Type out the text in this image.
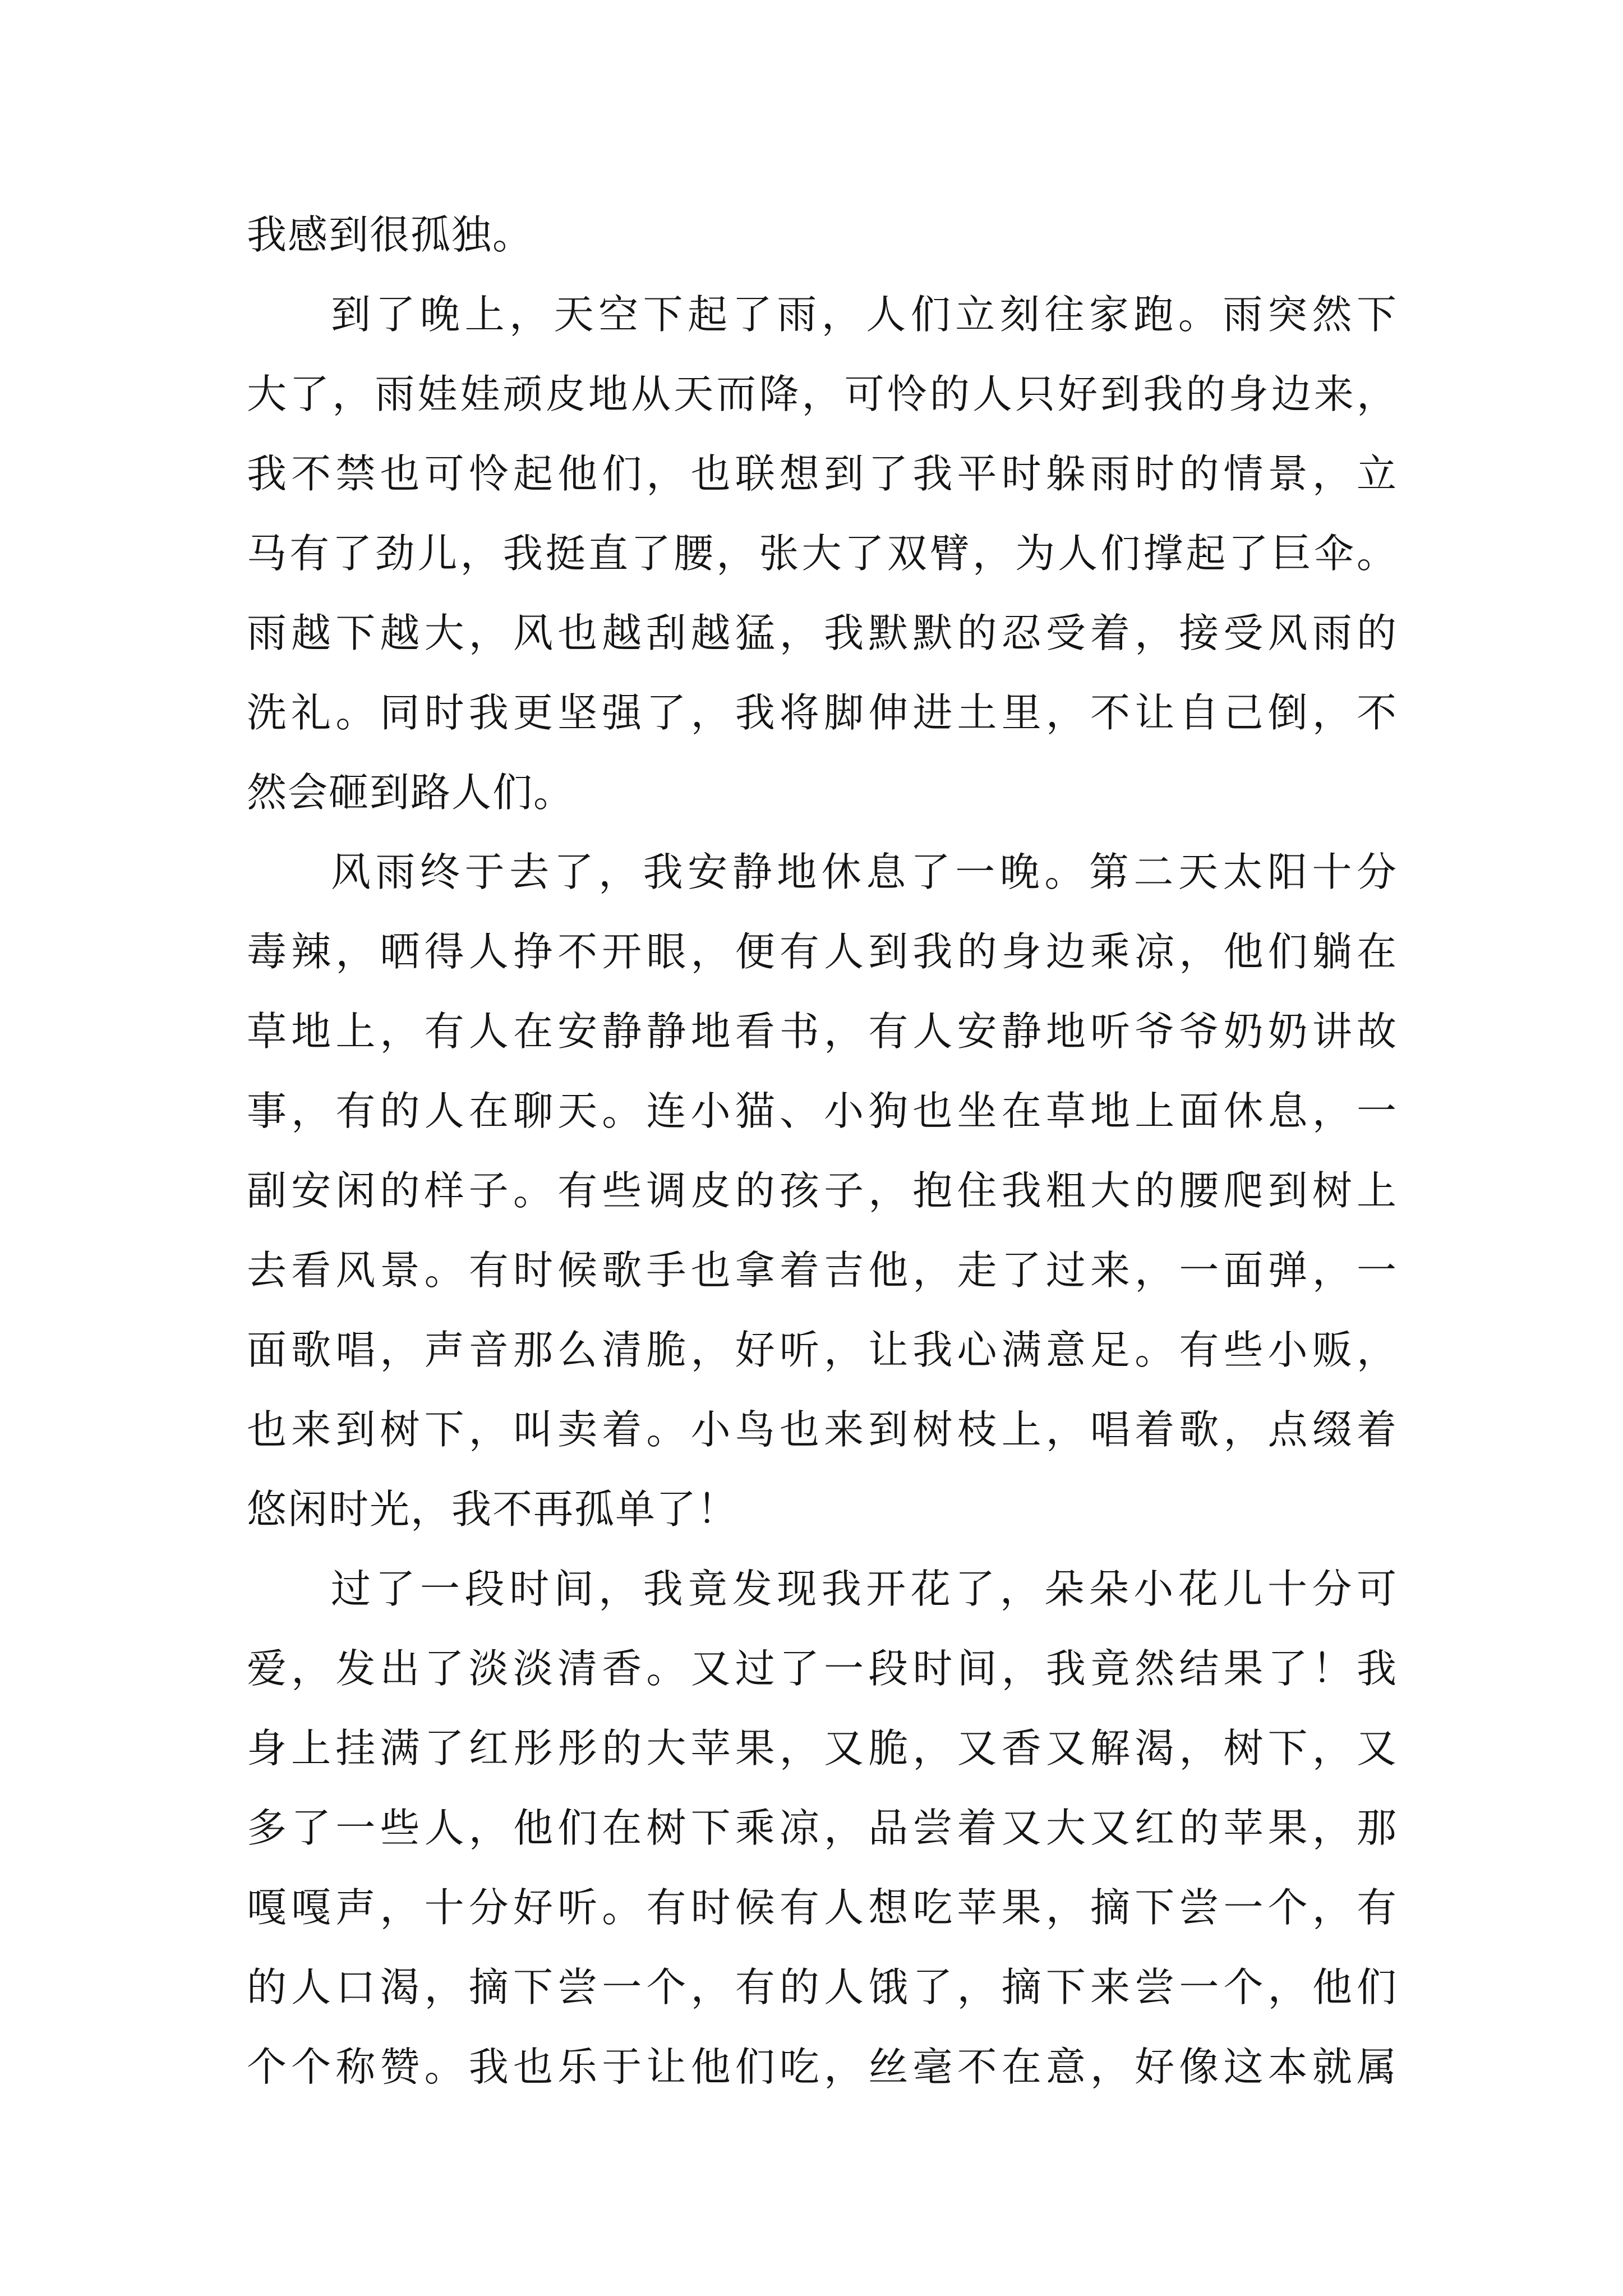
我感到很孤独。
到了晚上，天空下起了雨，人们立刻往家跑。雨突然下
大了，雨娃娃顽皮地从天而降，可怜的人只好到我的身边来，
我不禁也可怜起他们，也联想到了我平时躲雨时的情景，立
马有了劲儿，我挺直了腰，张大了双臂，为人们撑起了巨伞。
雨越下越大，风也越刮越猛，我默默的忍受着，接受风雨的
洗礼。同时我更坚强了，我将脚伸进土里，不让自己倒，不
然会砸到路人们。
风雨终于去了，我安静地休息了一晚。第二天太阳十分
毒辣，晒得人挣不开眼，便有人到我的身边乘凉，他们躺在
草地上，有人在安静静地看书，有人安静地听爷爷奶奶讲故
事，有的人在聊天。连小猫、小狗也坐在草地上面休息，一
副安闲的样子。有些调皮的孩子，抱住我粗大的腰爬到树上
去看风景。有时候歌手也拿着吉他，走了过来，一面弹，一
面歌唱，声音那么清脆，好听，让我心满意足。有些小贩，
也来到树下，叫卖着。小鸟也来到树枝上，唱着歌，点缀着
悠闲时光，我不再孤单了！
过了一段时间，我竟发现我开花了，朵朵小花儿十分可
爱，发出了淡淡清香。又过了一段时间，我竟然结果了！我
身上挂满了红彤彤的大苹果，又脆，又香又解渴，树下，又
多了一些人，他们在树下乘凉，品尝着又大又红的苹果，那
嘎嘎声，十分好听。有时候有人想吃苹果，摘下尝一个，有
的人口渴，摘下尝一个，有的人饿了，摘下来尝一个，他们
个个称赞。我也乐于让他们吃，丝毫不在意，好像这本就属
